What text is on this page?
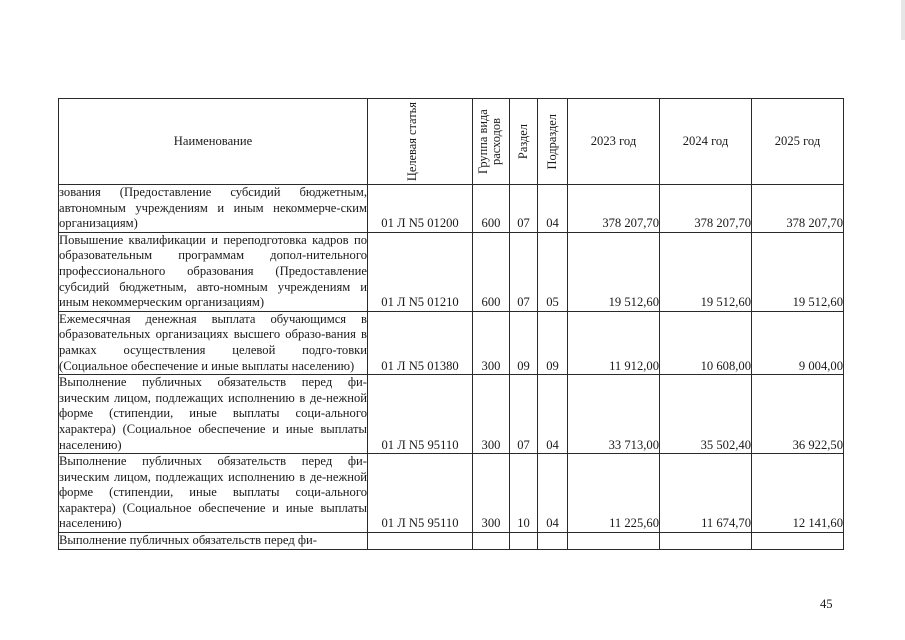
Наименование	Целевая статья	Группа вида расходов	Раздел	Подраздел	2023 год	2024 год	2025 год
зования (Предоставление субсидий бюджетным, автономным учреждениям и иным некоммерче-ским организациям)	01 Л N5 01200	600	07	04	378 207,70	378 207,70	378 207,70
Повышение квалификации и переподготовка кадров по образовательным программам допол-нительного профессионального образования (Предоставление субсидий бюджетным, авто-номным учреждениям и иным некоммерческим организациям)	01 Л N5 01210	600	07	05	19 512,60	19 512,60	19 512,60
Ежемесячная денежная выплата обучающимся в образовательных организациях высшего образо-вания в рамках осуществления целевой подго-товки (Социальное обеспечение и иные выплаты населению)	01 Л N5 01380	300	09	09	11 912,00	10 608,00	9 004,00
Выполнение публичных обязательств перед фи-зическим лицом, подлежащих исполнению в де-нежной форме (стипендии, иные выплаты соци-ального характера) (Социальное обеспечение и иные выплаты населению)	01 Л N5 95110	300	07	04	33 713,00	35 502,40	36 922,50
Выполнение публичных обязательств перед фи-зическим лицом, подлежащих исполнению в де-нежной форме (стипендии, иные выплаты соци-ального характера) (Социальное обеспечение и иные выплаты населению)	01 Л N5 95110	300	10	04	11 225,60	11 674,70	12 141,60
Выполнение публичных обязательств перед фи-							
45
